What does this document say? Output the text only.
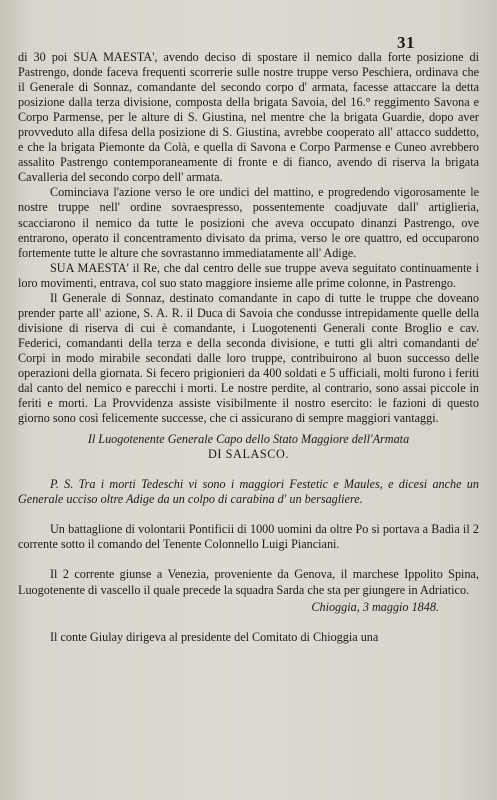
31

di 30 poi SUA MAESTA', avendo deciso di spostare il nemico dalla forte posizione di Pastrengo, donde faceva frequenti scorrerie sulle nostre truppe verso Peschiera, ordinava che il Generale di Sonnaz, comandante del secondo corpo d' armata, facesse attaccare la detta posizione dalla terza divisione, composta della brigata Savoia, del 16.° reggimento Savona e Corpo Parmense, per le alture di S. Giustina, nel mentre che la brigata Guardie, dopo aver provveduto alla difesa della posizione di S. Giustina, avrebbe cooperato all' attacco suddetto, e che la brigata Piemonte da Colà, e quella di Savona e Corpo Parmense e Cuneo avrebbero assalito Pastrengo contemporaneamente di fronte e di fianco, avendo di riserva la brigata Cavalleria del secondo corpo dell' armata.

Cominciava l'azione verso le ore undici del mattino, e progredendo vigorosamente le nostre truppe nell' ordine sovraespresso, possentemente coadjuvate dall' artiglieria, scacciarono il nemico da tutte le posizioni che aveva occupato dinanzi Pastrengo, ove entrarono, operato il concentramento divisato da prima, verso le ore quattro, ed occuparono fortemente tutte le alture che sovrastanno immediatamente all' Adige.

SUA MAESTA' il Re, che dal centro delle sue truppe aveva seguitato continuamente i loro movimenti, entrava, col suo stato maggiore insieme alle prime colonne, in Pastrengo.

Il Generale di Sonnaz, destinato comandante in capo di tutte le truppe che doveano prender parte all' azione, S. A. R. il Duca di Savoia che condusse intrepidamente quelle della divisione di riserva di cui è comandante, i Luogotenenti Generali conte Broglio e cav. Federici, comandanti della terza e della seconda divisione, e tutti gli altri comandanti de' Corpi in modo mirabile secondati dalle loro truppe, contribuirono al buon successo delle operazioni della giornata. Si fecero prigionieri da 400 soldati e 5 ufficiali, molti furono i feriti dal canto del nemico e parecchi i morti. Le nostre perdite, al contrario, sono assai piccole in feriti e morti. La Provvidenza assiste visibilmente il nostro esercito: le fazioni di questo giorno sono così felicemente successe, che ci assicurano di sempre maggiori vantaggi.

Il Luogotenente Generale Capo dello Stato Maggiore dell'Armata

DI SALASCO.

P. S. Tra i morti Tedeschi vi sono i maggiori Festetic e Maules, e dicesi anche un Generale ucciso oltre Adige da un colpo di carabina d' un bersagliere.

Un battaglione di volontarii Pontificii di 1000 uomini da oltre Po si portava a Badia il 2 corrente sotto il comando del Tenente Colonnello Luigi Pianciani.

Il 2 corrente giunse a Venezia, proveniente da Genova, il marchese Ippolito Spina, Luogotenente di vascello il quale precede la squadra Sarda che sta per giungere in Adriatico.

Chioggia, 3 maggio 1848.

Il conte Giulay dirigeva al presidente del Comitato di Chioggia una
